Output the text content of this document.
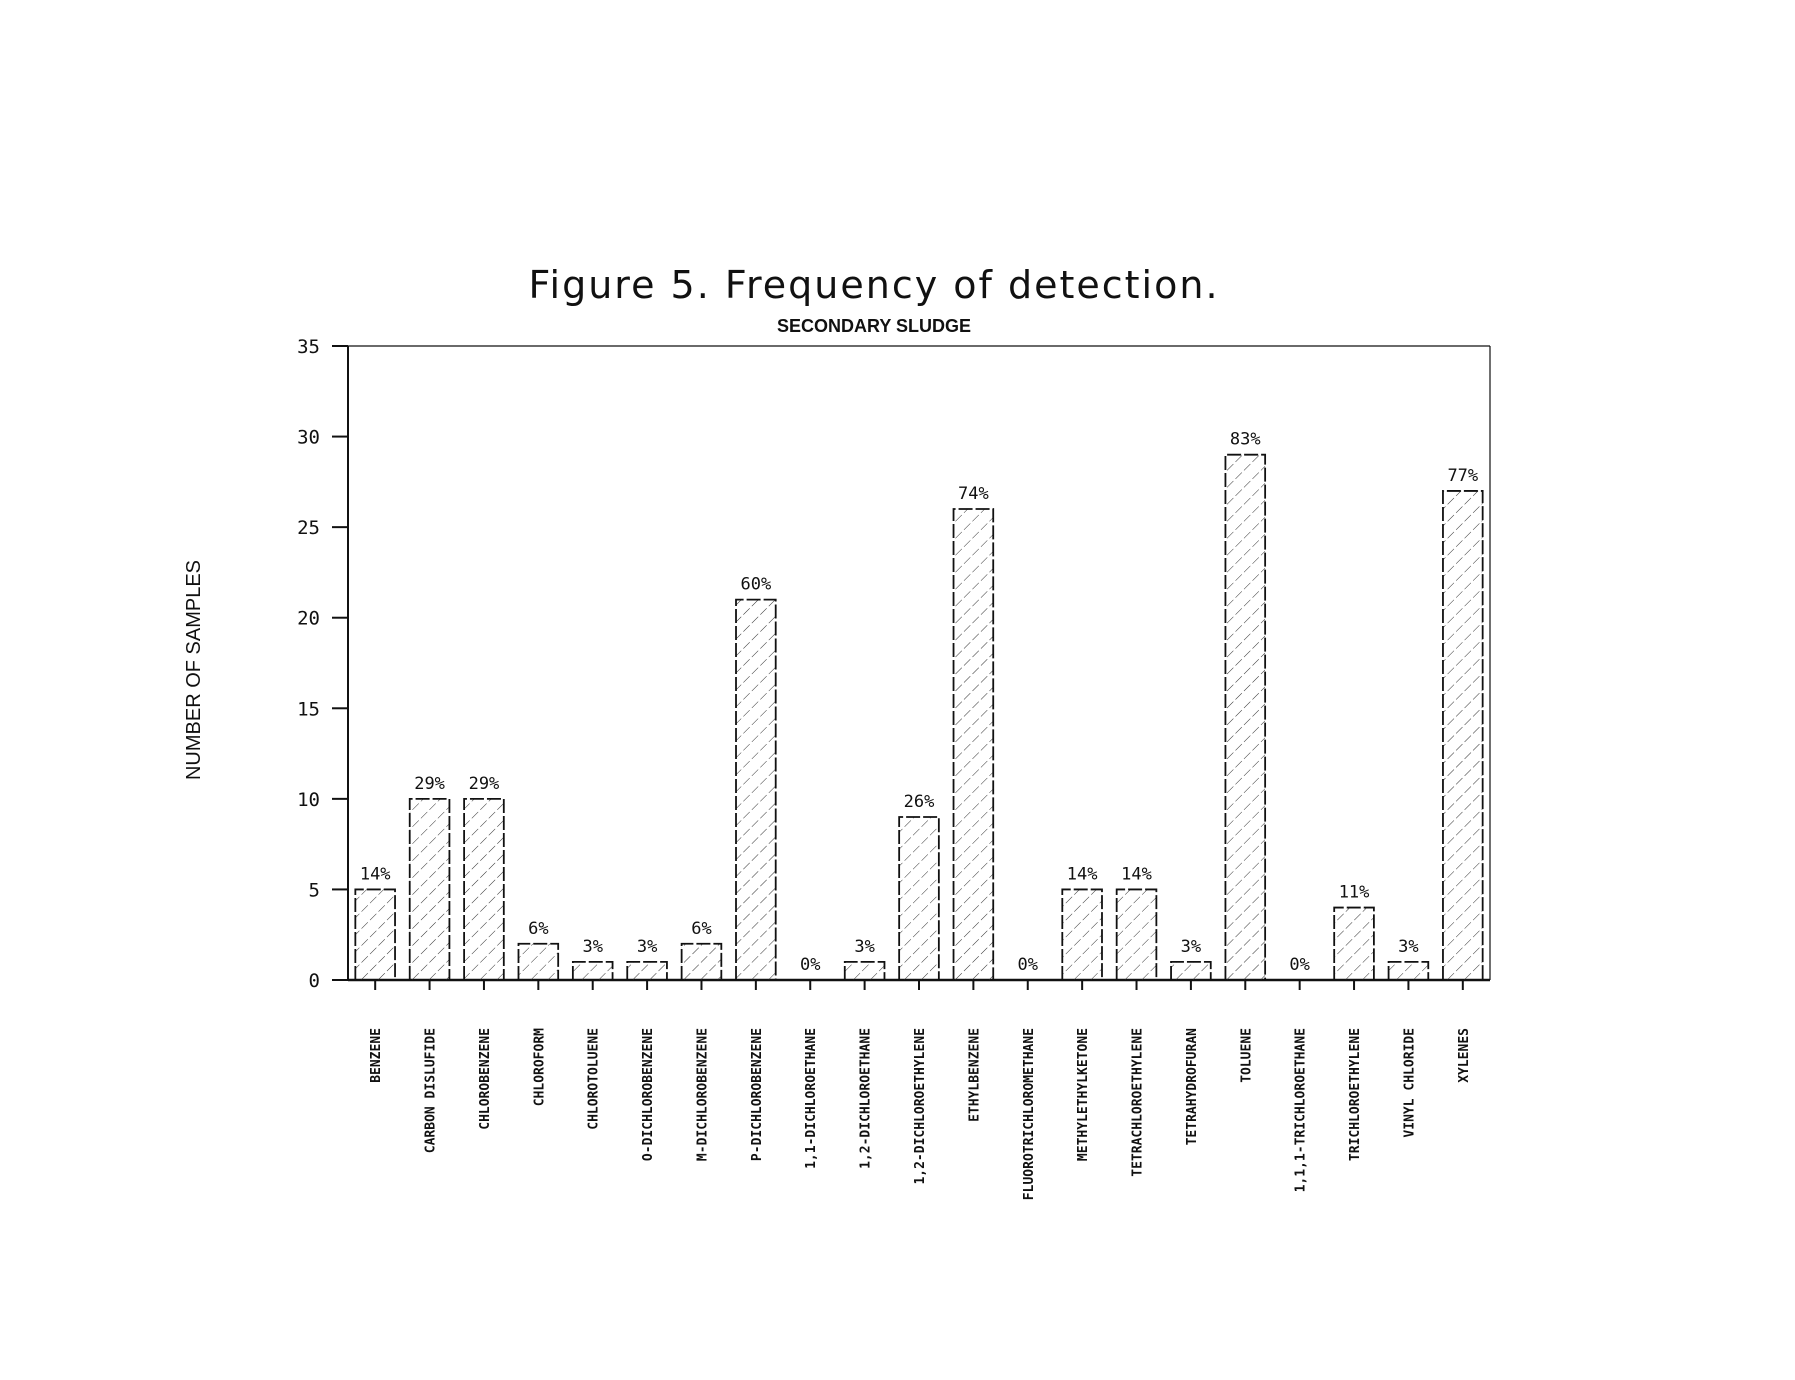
Figure 5. Frequency of detection.
SECONDARY SLUDGE
NUMBER OF SAMPLES
0
5
10
15
20
25
30
35
14%
29% 29%
6%
3% 3%
6%
60%
0%
3%
26%
74%
0%
14% 14%
3%
83%
0%
11%
3%
77%
BENZENE	CARBON DISLUFIDE	CHLOROBENZENE	CHLOROFORM	CHLOROTOLUENE	O-DICHLOROBENZENE	M-DICHLOROBENZENE	P-DICHLOROBENZENE	1,1-DICHLOROETHANE	1,2-DICHLOROETHANE	1,2-DICHLOROETHYLENE	ETHYLBENZENE	FLUOROTRICHLOROMETHANE	METHYLETHYLKETONE	TETRACHLOROETHYLENE	TETRAHYDROFURAN	TOLUENE	1,1,1-TRICHLOROETHANE	TRICHLOROETHYLENE	VINYL CHLORIDE	XYLENES
